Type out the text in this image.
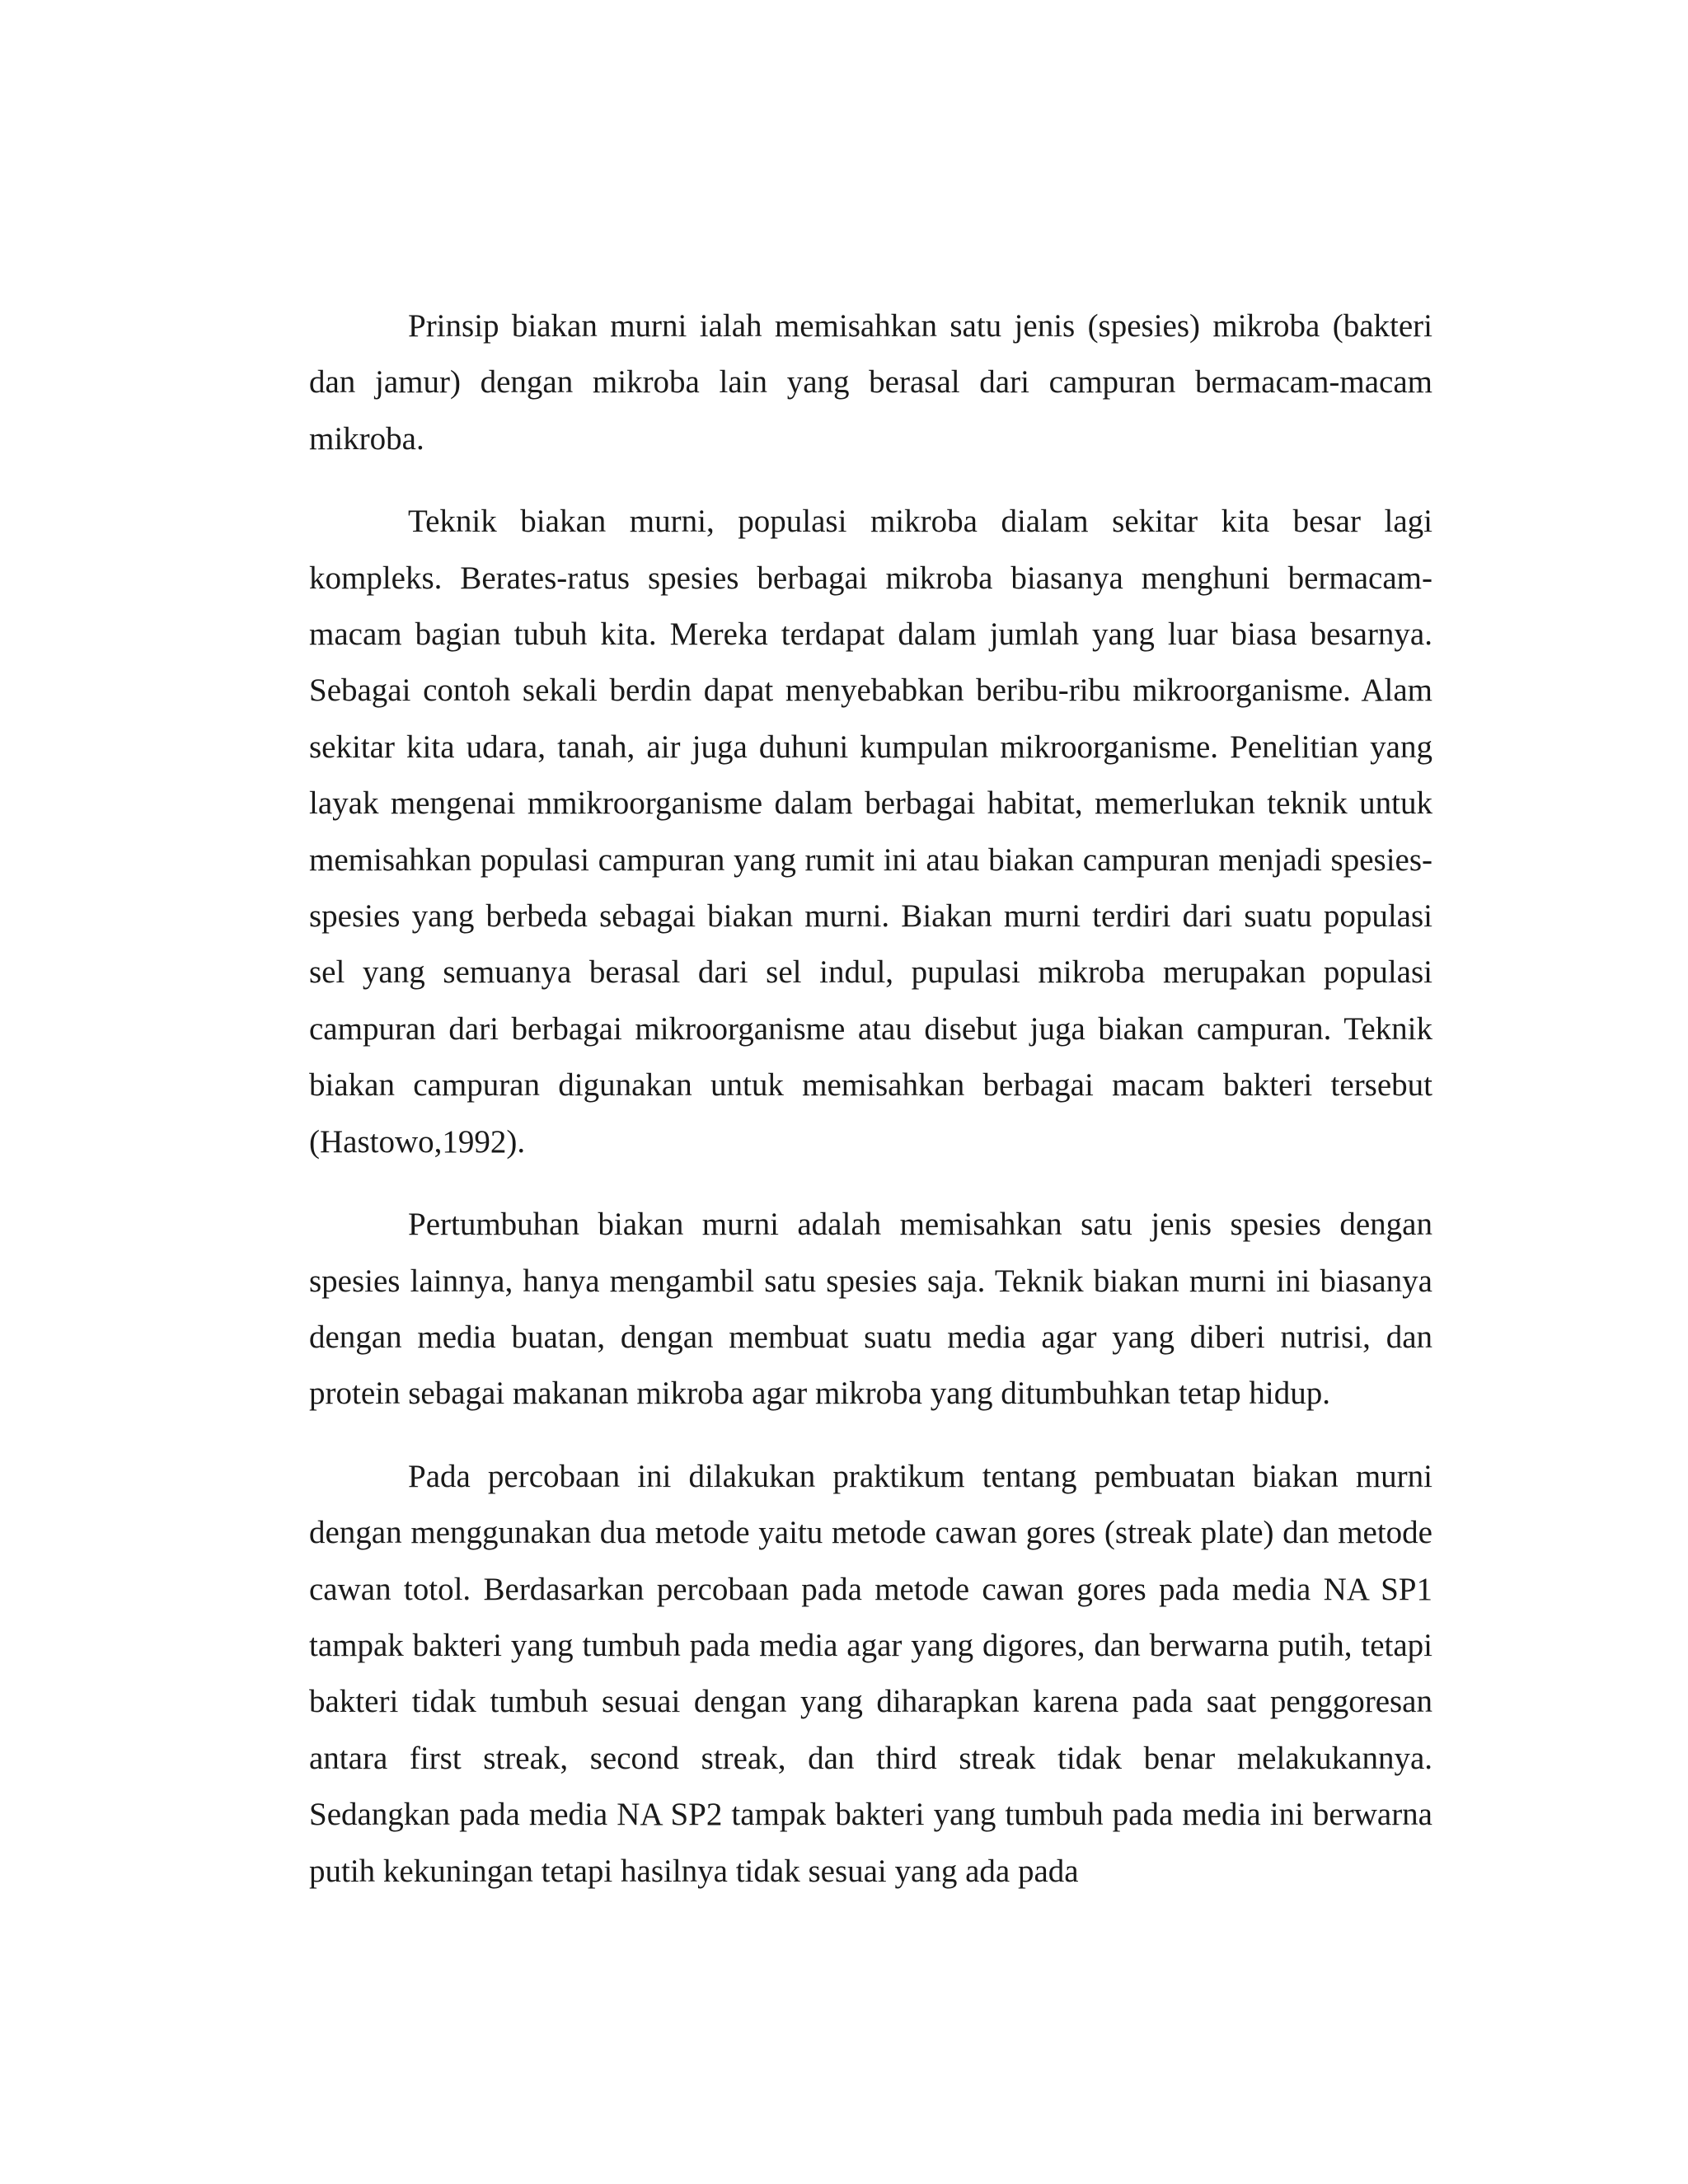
Prinsip biakan murni ialah memisahkan satu jenis (spesies) mikroba (bakteri dan jamur) dengan mikroba lain yang berasal dari campuran bermacam-macam mikroba.

Teknik biakan murni, populasi mikroba dialam sekitar kita besar lagi kompleks. Berates-ratus spesies berbagai mikroba biasanya menghuni bermacam-macam bagian tubuh kita. Mereka terdapat dalam jumlah yang luar biasa besarnya. Sebagai contoh sekali berdin dapat menyebabkan beribu-ribu mikroorganisme. Alam sekitar kita udara, tanah, air juga duhuni kumpulan mikroorganisme. Penelitian yang layak mengenai mmikroorganisme dalam berbagai habitat, memerlukan teknik untuk memisahkan populasi campuran yang rumit ini atau biakan campuran menjadi spesies-spesies yang berbeda sebagai biakan murni. Biakan murni terdiri dari suatu populasi sel yang semuanya berasal dari sel indul, pupulasi mikroba merupakan populasi campuran dari berbagai mikroorganisme atau disebut juga biakan campuran. Teknik biakan campuran digunakan untuk memisahkan berbagai macam bakteri tersebut (Hastowo,1992).

Pertumbuhan biakan murni adalah memisahkan satu jenis spesies dengan spesies lainnya, hanya mengambil satu spesies saja. Teknik biakan murni ini biasanya dengan media buatan, dengan membuat suatu media agar yang diberi nutrisi, dan protein sebagai makanan mikroba agar mikroba yang ditumbuhkan tetap hidup.

Pada percobaan ini dilakukan praktikum tentang pembuatan biakan murni dengan menggunakan dua metode yaitu metode cawan gores (streak plate) dan metode cawan totol. Berdasarkan percobaan pada metode cawan gores pada media NA SP1 tampak bakteri yang tumbuh pada media agar yang digores, dan berwarna putih, tetapi bakteri tidak tumbuh sesuai dengan yang diharapkan karena pada saat penggoresan antara first streak, second streak, dan third streak tidak benar melakukannya. Sedangkan pada media NA SP2 tampak bakteri yang tumbuh pada media ini berwarna putih kekuningan tetapi hasilnya tidak sesuai yang ada pada
